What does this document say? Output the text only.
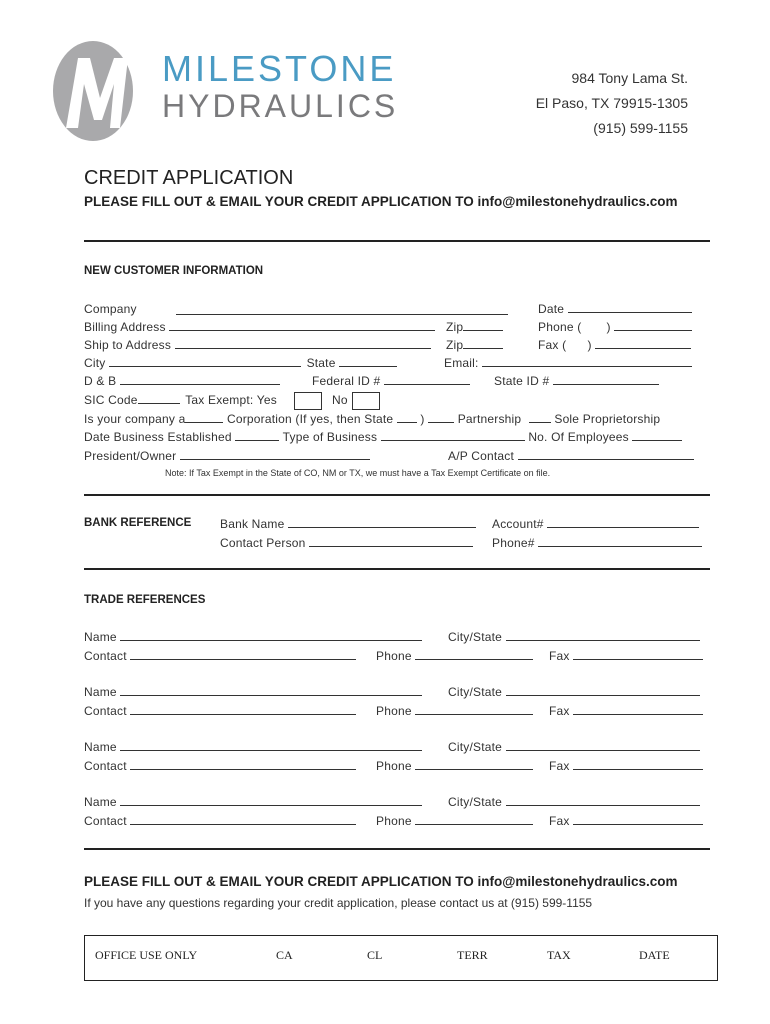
MILESTONE
HYDRAULICS
984 Tony Lama St.
El Paso, TX 79915-1305
(915) 599-1155
CREDIT APPLICATION
PLEASE FILL OUT & EMAIL YOUR CREDIT APPLICATION TO info@milestonehydraulics.com
NEW CUSTOMER INFORMATION
Company	Date
Billing Address	Zip	Phone ( )
Ship to Address	Zip	Fax ( )
City	State	Email:
D & B	Federal ID #	State ID #
SIC Code	Tax Exempt: Yes	No
Is your company a	Corporation (If yes, then State )	Partnership	Sole Proprietorship
Date Business Established	Type of Business	No. Of Employees
President/Owner	A/P Contact
Note: If Tax Exempt in the State of CO, NM or TX, we must have a Tax Exempt Certificate on file.
BANK REFERENCE Bank Name	Account#
Contact Person	Phone#
TRADE REFERENCES
Name	City/State
Contact	Phone	Fax
Name	City/State
Contact	Phone	Fax
Name	City/State
Contact	Phone	Fax
Name	City/State
Contact	Phone	Fax
PLEASE FILL OUT & EMAIL YOUR CREDIT APPLICATION TO info@milestonehydraulics.com
If you have any questions regarding your credit application, please contact us at (915) 599-1155
OFFICE USE ONLY	CA	CL	TERR	TAX	DATE
